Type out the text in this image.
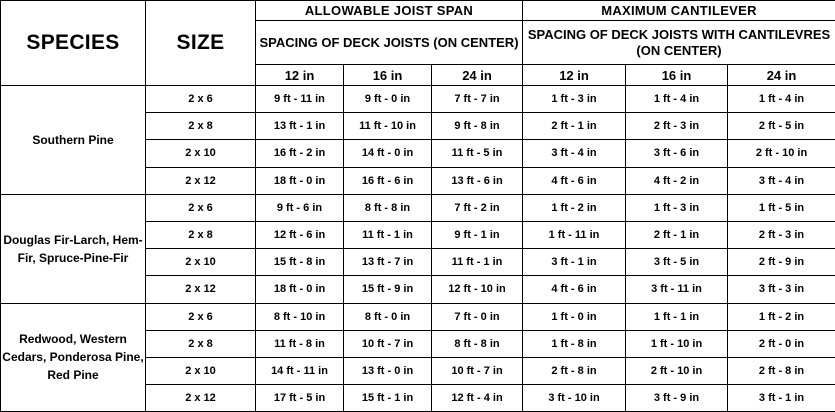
SPECIES	SIZE	ALLOWABLE JOIST SPAN			MAXIMUM CANTILEVER		
		SPACING OF DECK JOISTS (ON CENTER)			SPACING OF DECK JOISTS WITH CANTILEVRES (ON CENTER)		
		12 in	16 in	24 in	12 in	16 in	24 in
Southern Pine	2 x 6	9 ft - 11 in	9 ft - 0 in	7 ft - 7 in	1 ft - 3 in	1 ft - 4 in	1 ft - 4 in
	2 x 8	13 ft - 1 in	11 ft - 10 in	9 ft - 8 in	2 ft - 1 in	2 ft - 3 in	2 ft - 5 in
	2 x 10	16 ft - 2 in	14 ft - 0 in	11 ft - 5 in	3 ft - 4 in	3 ft - 6 in	2 ft - 10 in
	2 x 12	18 ft - 0 in	16 ft - 6 in	13 ft - 6 in	4 ft - 6 in	4 ft - 2 in	3 ft - 4 in
Douglas Fir-Larch, Hem-Fir, Spruce-Pine-Fir	2 x 6	9 ft - 6 in	8 ft - 8 in	7 ft - 2 in	1 ft - 2 in	1 ft - 3 in	1 ft - 5 in
	2 x 8	12 ft - 6 in	11 ft - 1 in	9 ft - 1 in	1 ft - 11 in	2 ft - 1 in	2 ft - 3 in
	2 x 10	15 ft - 8 in	13 ft - 7 in	11 ft - 1 in	3 ft - 1 in	3 ft - 5 in	2 ft - 9 in
	2 x 12	18 ft - 0 in	15 ft - 9 in	12 ft - 10 in	4 ft - 6 in	3 ft - 11 in	3 ft - 3 in
Redwood, Western Cedars, Ponderosa Pine, Red Pine	2 x 6	8 ft - 10 in	8 ft - 0 in	7 ft - 0 in	1 ft - 0 in	1 ft - 1 in	1 ft - 2 in
	2 x 8	11 ft - 8 in	10 ft - 7 in	8 ft - 8 in	1 ft - 8 in	1 ft - 10 in	2 ft - 0 in
	2 x 10	14 ft - 11 in	13 ft - 0 in	10 ft - 7 in	2 ft - 8 in	2 ft - 10 in	2 ft - 8 in
	2 x 12	17 ft - 5 in	15 ft - 1 in	12 ft - 4 in	3 ft - 10 in	3 ft - 9 in	3 ft - 1 in
